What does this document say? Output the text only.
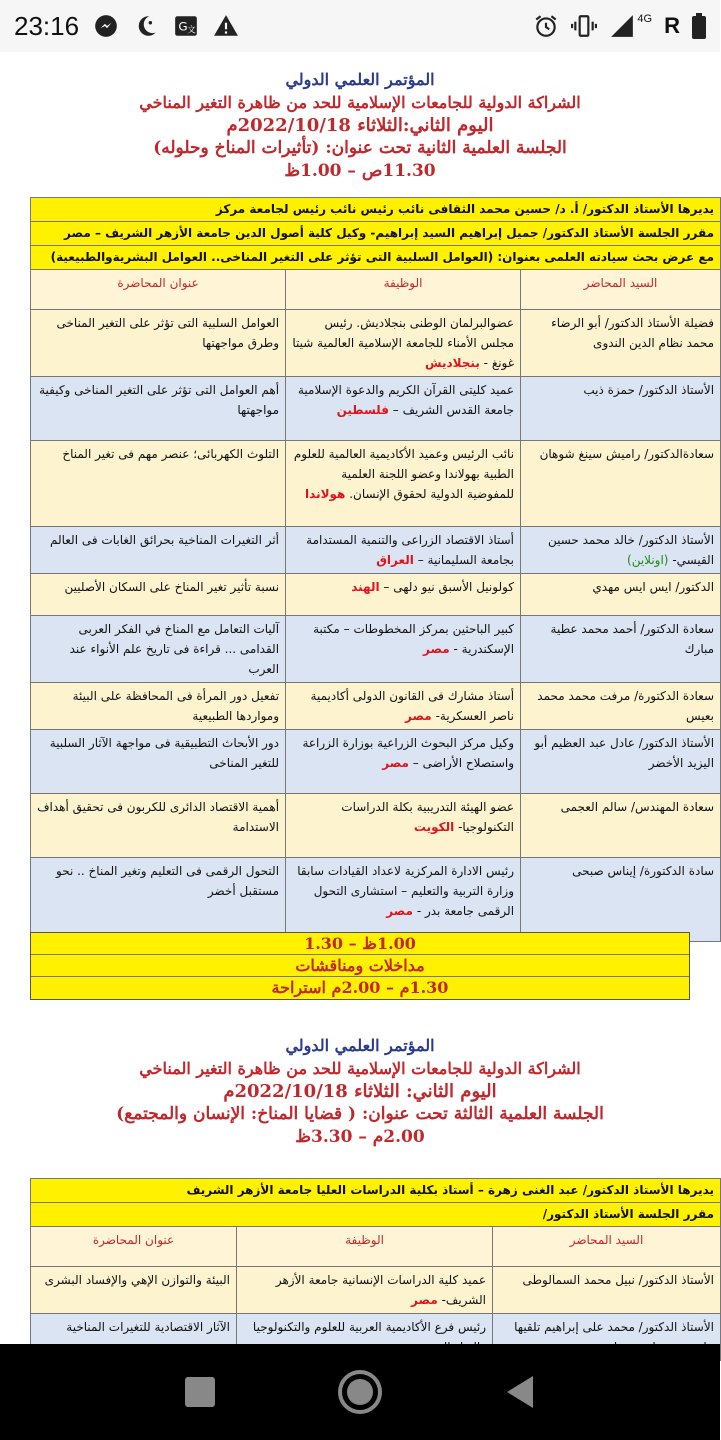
23:16	G 文
4G R
المؤتمر العلمي الدولي
الشراكة الدولية للجامعات الإسلامية للحد من ظاهرة التغير المناخي
اليوم الثاني:الثلاثاء 2022/10/18م
الجلسة العلمية الثانية تحت عنوان: (تأثيرات المناخ وحلوله)
11.30ص – 1.00ظ
يديرها الأستاذ الدكتور/ أ. د/ حسين محمد الثقافى نائب رئيس نائب رئيس لجامعة مركز		
مقرر الجلسة الأستاذ الدكتور/ جميل إبراهيم السيد إبراهيم- وكيل كلية أصول الدين جامعة الأزهر الشريف – مصر		
مع عرض بحث سيادته العلمى بعنوان: (العوامل السلبية التى تؤثر على التغير المناخى.. العوامل البشريةوالطبيعية)		
السيد المحاضر	الوظيفة	عنوان المحاضرة
فضيلة الأستاذ الدكتور/ أبو الرضاء محمد نظام الدين الندوى	عضوالبرلمان الوطنى بنجلاديش. رئيس مجلس الأمناء للجامعة الإسلامية العالمية شيتا غونغ - بنجلاديش	العوامل السلبية التى تؤثر على التغير المناخى وطرق مواجهتها
الأستاذ الدكتور/ حمزة ذيب	عميد كليتى القرآن الكريم والدعوة الإسلامية جامعة القدس الشريف – فلسطين	أهم العوامل التى تؤثر على التغير المناخى وكيفية مواجهتها
سعادةالدكتور/ راميش سينغ شوهان	نائب الرئيس وعميد الأكاديمية العالمية للعلوم الطبية بهولاندا وعضو اللجنة العلمية للمفوضية الدولية لحقوق الإنسان. هولاندا	التلوث الكهربائى؛ عنصر مهم فى تغير المناخ
الأستاذ الدكتور/ خالد محمد حسين القيسي- (اونلاين)	أستاذ الاقتصاد الزراعى والتنمية المستدامة بجامعة السليمانية – العراق	أثر التغيرات المناخية بحرائق الغابات فى العالم
الدكتور/ ايس ايس مهدي	كولونيل الأسبق نيو دلهى – الهند	نسبة تأثير تغير المناخ على السكان الأصليين
سعادة الدكتور/ أحمد محمد عطية مبارك	كبير الباحثين بمركز المخطوطات – مكتبة الإسكندرية - مصر	آليات التعامل مع المناخ في الفكر العربى القدامى ... قراءة فى تاريخ علم الأنواء عند العرب
سعادة الدكتورة/ مرفت محمد محمد بعيس	أستاذ مشارك فى القانون الدولى أكاديمية ناصر العسكرية- مصر	تفعيل دور المرأة فى المحافظة على البيئة ومواردها الطبيعية
الأستاذ الدكتور/ عادل عبد العظيم أبو اليزيد الأخضر	وكيل مركز البحوث الزراعية بوزارة الزراعة واستصلاح الأراضى – مصر	دور الأبحاث التطبيقية فى مواجهة الآثار السلبية للتغير المناخى
سعادة المهندس/ سالم العجمى	عضو الهيئة التدريبية بكلة الدراسات التكنولوجيا- الكويت	أهمية الاقتصاد الدائرى للكربون فى تحقيق أهداف الاستدامة
سادة الدكتورة/ إيناس صبحى	رئيس الادارة المركزية لاعداد القيادات سابقا وزارة التربية والتعليم – استشارى التحول الرقمى جامعة بدر - مصر	التحول الرقمى فى التعليم وتغير المناخ .. نحو مستقبل أخضر
1.00ظ – 1.30
مداخلات ومناقشات
1.30م – 2.00م استراحة
المؤتمر العلمي الدولي
الشراكة الدولية للجامعات الإسلامية للحد من ظاهرة التغير المناخي
اليوم الثاني: الثلاثاء 2022/10/18م
الجلسة العلمية الثالثة تحت عنوان: ( قضايا المناخ: الإنسان والمجتمع)
2.00م – 3.30ظ
يديرها الأستاذ الدكتور/ عبد الغنى زهرة – أستاذ بكلية الدراسات العليا جامعة الأزهر الشريف		
مقرر الجلسة الأستاذ الدكتور/		
السيد المحاضر	الوظيفة	عنوان المحاضرة
الأستاذ الدكتور/ نبيل محمد السمالوطى	عميد كلية الدراسات الإنسانية جامعة الأزهر الشريف- مصر	البيئة والتوازن الإهي والإفساد البشرى
الأستاذ الدكتور/ محمد على إبراهيم تلقيها	رئيس فرع الأكاديمية العربية للعلوم والتكنولوجيا	الآثار الاقتصادية للتغيرات المناخية
